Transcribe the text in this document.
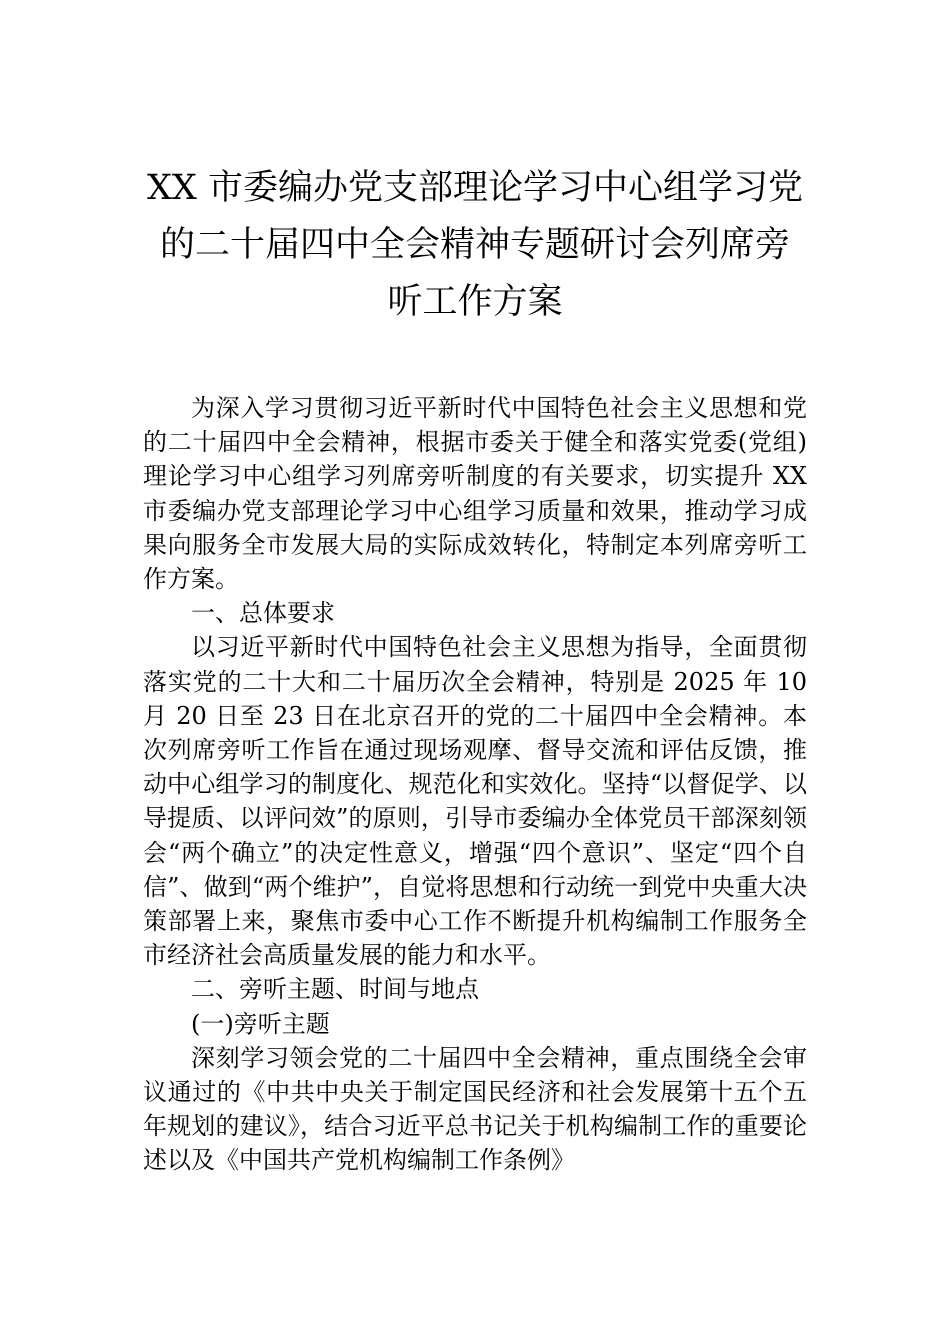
XX 市委编办党支部理论学习中心组学习党
的二十届四中全会精神专题研讨会列席旁
听工作方案

为深入学习贯彻习近平新时代中国特色社会主义思想和党的二十届四中全会精神，根据市委关于健全和落实党委(党组)理论学习中心组学习列席旁听制度的有关要求，切实提升 XX 市委编办党支部理论学习中心组学习质量和效果，推动学习成果向服务全市发展大局的实际成效转化，特制定本列席旁听工作方案。

一、总体要求

以习近平新时代中国特色社会主义思想为指导，全面贯彻落实党的二十大和二十届历次全会精神，特别是 2025 年 10 月 20 日至 23 日在北京召开的党的二十届四中全会精神。本次列席旁听工作旨在通过现场观摩、督导交流和评估反馈，推动中心组学习的制度化、规范化和实效化。坚持“以督促学、以导提质、以评问效”的原则，引导市委编办全体党员干部深刻领会“两个确立”的决定性意义，增强“四个意识”、坚定“四个自信”、做到“两个维护”，自觉将思想和行动统一到党中央重大决策部署上来，聚焦市委中心工作不断提升机构编制工作服务全市经济社会高质量发展的能力和水平。

二、旁听主题、时间与地点

(一)旁听主题

深刻学习领会党的二十届四中全会精神，重点围绕全会审议通过的《中共中央关于制定国民经济和社会发展第十五个五年规划的建议》，结合习近平总书记关于机构编制工作的重要论述以及《中国共产党机构编制工作条例》
